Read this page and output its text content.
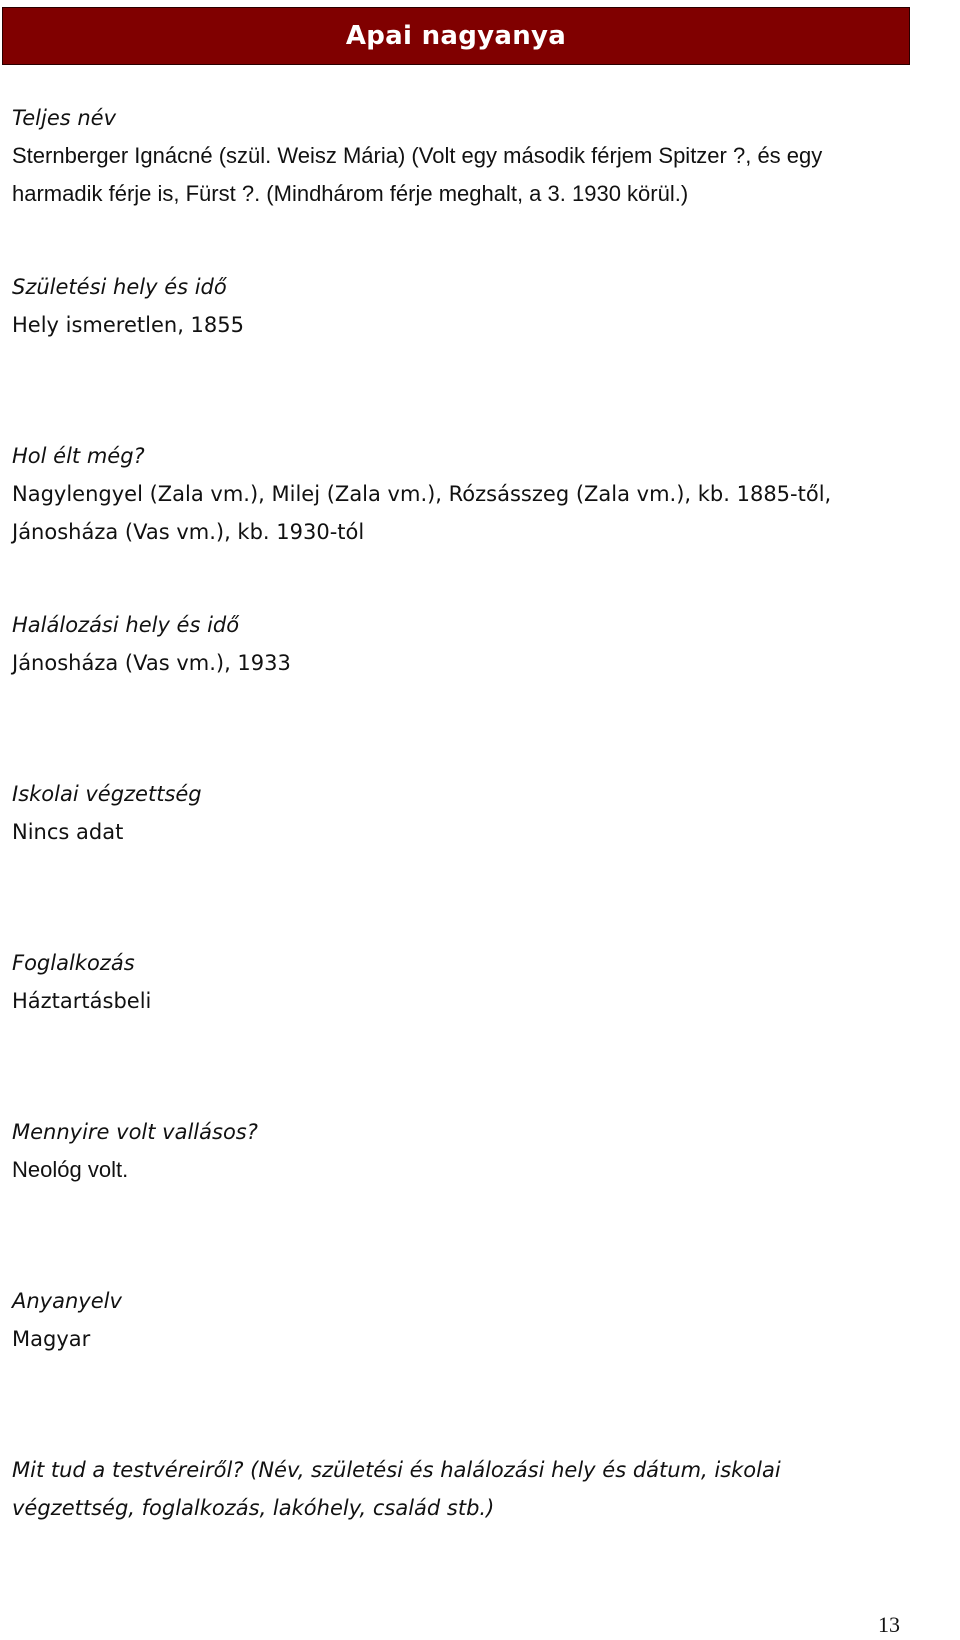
Apai nagyanya

Teljes név

Sternberger Ignácné (szül. Weisz Mária) (Volt egy második férjem Spitzer ?, és egy harmadik férje is, Fürst ?. (Mindhárom férje meghalt, a 3. 1930 körül.)

Születési hely és idő

Hely ismeretlen, 1855

Hol élt még?

Nagylengyel (Zala vm.), Milej (Zala vm.), Rózsásszeg (Zala vm.), kb. 1885-től, Jánosháza (Vas vm.), kb. 1930-tól

Halálozási hely és idő

Jánosháza (Vas vm.), 1933

Iskolai végzettség

Nincs adat

Foglalkozás

Háztartásbeli

Mennyire volt vallásos?

Neológ volt.

Anyanyelv

Magyar

Mit tud a testvéreiről? (Név, születési és halálozási hely és dátum, iskolai végzettség, foglalkozás, lakóhely, család stb.)

13
